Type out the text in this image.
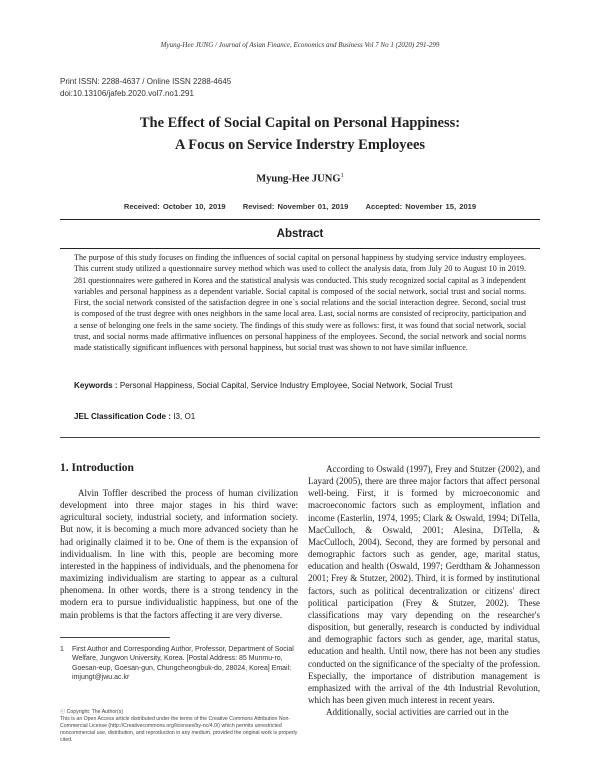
Myung-Hee JUNG / Journal of Asian Finance, Economics and Business Vol 7 No 1 (2020) 291-299
Print ISSN: 2288-4637 / Online ISSN 2288-4645
doi:10.13106/jafeb.2020.vol7.no1.291
The Effect of Social Capital on Personal Happiness:
A Focus on Service Inderstry Employees
Myung-Hee JUNG$^1$
Received: October 10, 2019 Revised: November 01, 2019 Accepted: November 15, 2019
Abstract
The purpose of this study focuses on finding the influences of social capital on personal happiness by studying service industry employees. This current study utilized a questionnaire survey method which was used to collect the analysis data, from July 20 to August 10 in 2019. 281 questionnaires were gathered in Korea and the statistical analysis was conducted. This study recognized social capital as 3 independent variables and personal happiness as a dependent variable. Social capital is composed of the social network, social trust and social norms. First, the social network consisted of the satisfaction degree in one`s social relations and the social interaction degree. Second, social trust is composed of the trust degree with ones neighbors in the same local area. Last, social norms are consisted of reciprocity, participation and a sense of belonging one feels in the same society. The findings of this study were as follows: first, it was found that social network, social trust, and social norms made affirmative influences on personal happiness of the employees. Second, the social network and social norms made statistically significant influences with personal happiness, but social trust was shown to not have similar influence.
Keywords : Personal Happiness, Social Capital, Service Industry Employee, Social Network, Social Trust
JEL Classification Code : I3, O1
1. Introduction

Alvin Toffler described the process of human civilization development into three major stages in his third wave: agricultural society, industrial society, and information society. But now, it is becoming a much more advanced society than he had originally claimed it to be. One of them is the expansion of individualism. In line with this, people are becoming more interested in the happiness of individuals, and the phenomena for maximizing individualism are starting to appear as a cultural phenomena. In other words, there is a strong tendency in the modern era to pursue individualistic happiness, but one of the main problems is that the factors affecting it are very diverse.

According to Oswald (1997), Frey and Stutzer (2002), and Layard (2005), there are three major factors that affect personal well-being. First, it is formed by microeconomic and macroeconomic factors such as employment, inflation and income (Easterlin, 1974, 1995; Clark & Oswald, 1994; DiTella, MacCulloch, & Oswald, 2001; Alesina, DiTella, & MacCulloch, 2004). Second, they are formed by personal and demographic factors such as gender, age, marital status, education and health (Oswald, 1997; Gerdtham & Johannesson 2001; Frey & Stutzer, 2002). Third, it is formed by institutional factors, such as political decentralization or citizens' direct political participation (Frey & Stutzer, 2002). These classifications may vary depending on the researcher's disposition, but generally, research is conducted by individual and demographic factors such as gender, age, marital status, education and health. Until now, there has not been any studies conducted on the significance of the specialty of the profession. Especially, the importance of distribution management is emphasized with the arrival of the 4th Industrial Revolution, which has been given much interest in recent years.

Additionally, social activities are carried out in the

1 First Author and Corresponding Author, Professor, Department of Social Welfare, Jungwon University, Korea. [Postal Address: 85 Munmu-ro, Goesan-eup, Goesan-gun, Chungcheongbuk-do, 28024, Korea] Email: imjungt@jwu.ac.kr
ⓒ Copyright: The Author(s)
This is an Open Access article distributed under the terms of the Creative Commons Attribution Non-Commercial License (http://Creativecommons.org/licenses/by-nc/4.0/) which permits unrestricted noncommercial use, distribution, and reproduction in any medium, provided the original work is properly cited.
